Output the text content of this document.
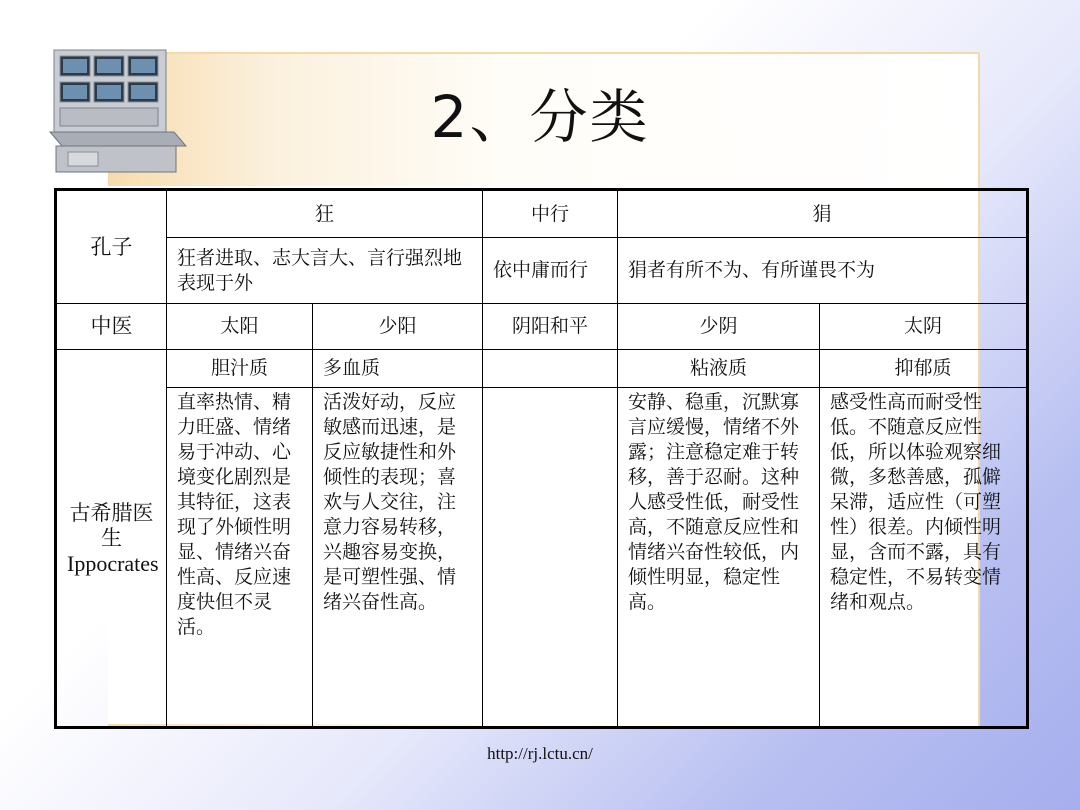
2、分类
孔子	狂		中行	狷	
	狂者进取、志大言大、言行强烈地表现于外		依中庸而行	狷者有所不为、有所谨畏不为	
中医	太阳	少阳	阴阳和平	少阴	太阴
古希腊医生
Ippocrates	胆汁质	多血质		粘液质	抑郁质
	直率热情、精力旺盛、情绪易于冲动、心境变化剧烈是其特征，这表现了外倾性明显、情绪兴奋性高、反应速度快但不灵活。	活泼好动，反应敏感而迅速，是反应敏捷性和外倾性的表现；喜欢与人交往，注意力容易转移，兴趣容易变换，是可塑性强、情绪兴奋性高。		安静、稳重，沉默寡言应缓慢，情绪不外露；注意稳定难于转移，善于忍耐。这种人感受性低，耐受性高，不随意反应性和情绪兴奋性较低，内倾性明显，稳定性高。	感受性高而耐受性低。不随意反应性低，所以体验观察细微，多愁善感，孤僻呆滞，适应性（可塑性）很差。内倾性明显，含而不露，具有稳定性，不易转变情绪和观点。
http://rj.lctu.cn/
